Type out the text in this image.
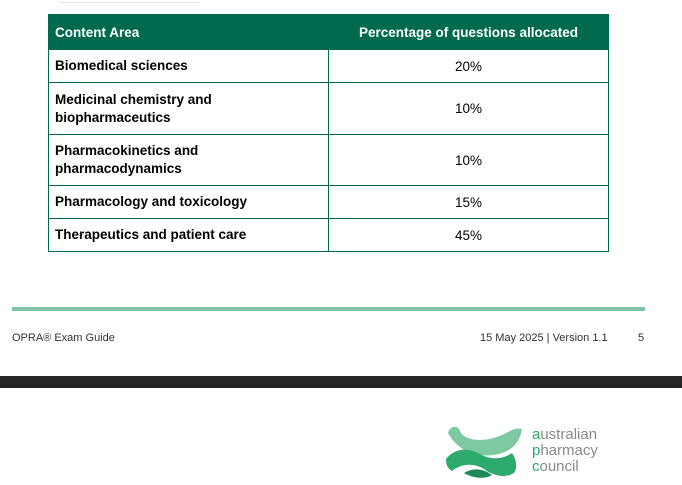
Content Area	Percentage of questions allocated
Biomedical sciences	20%
Medicinal chemistry and biopharmaceutics	10%
Pharmacokinetics and pharmacodynamics	10%
Pharmacology and toxicology	15%
Therapeutics and patient care	45%
OPRA® Exam Guide	15 May 2025 | Version 1.1	5
australian
pharmacy
council
